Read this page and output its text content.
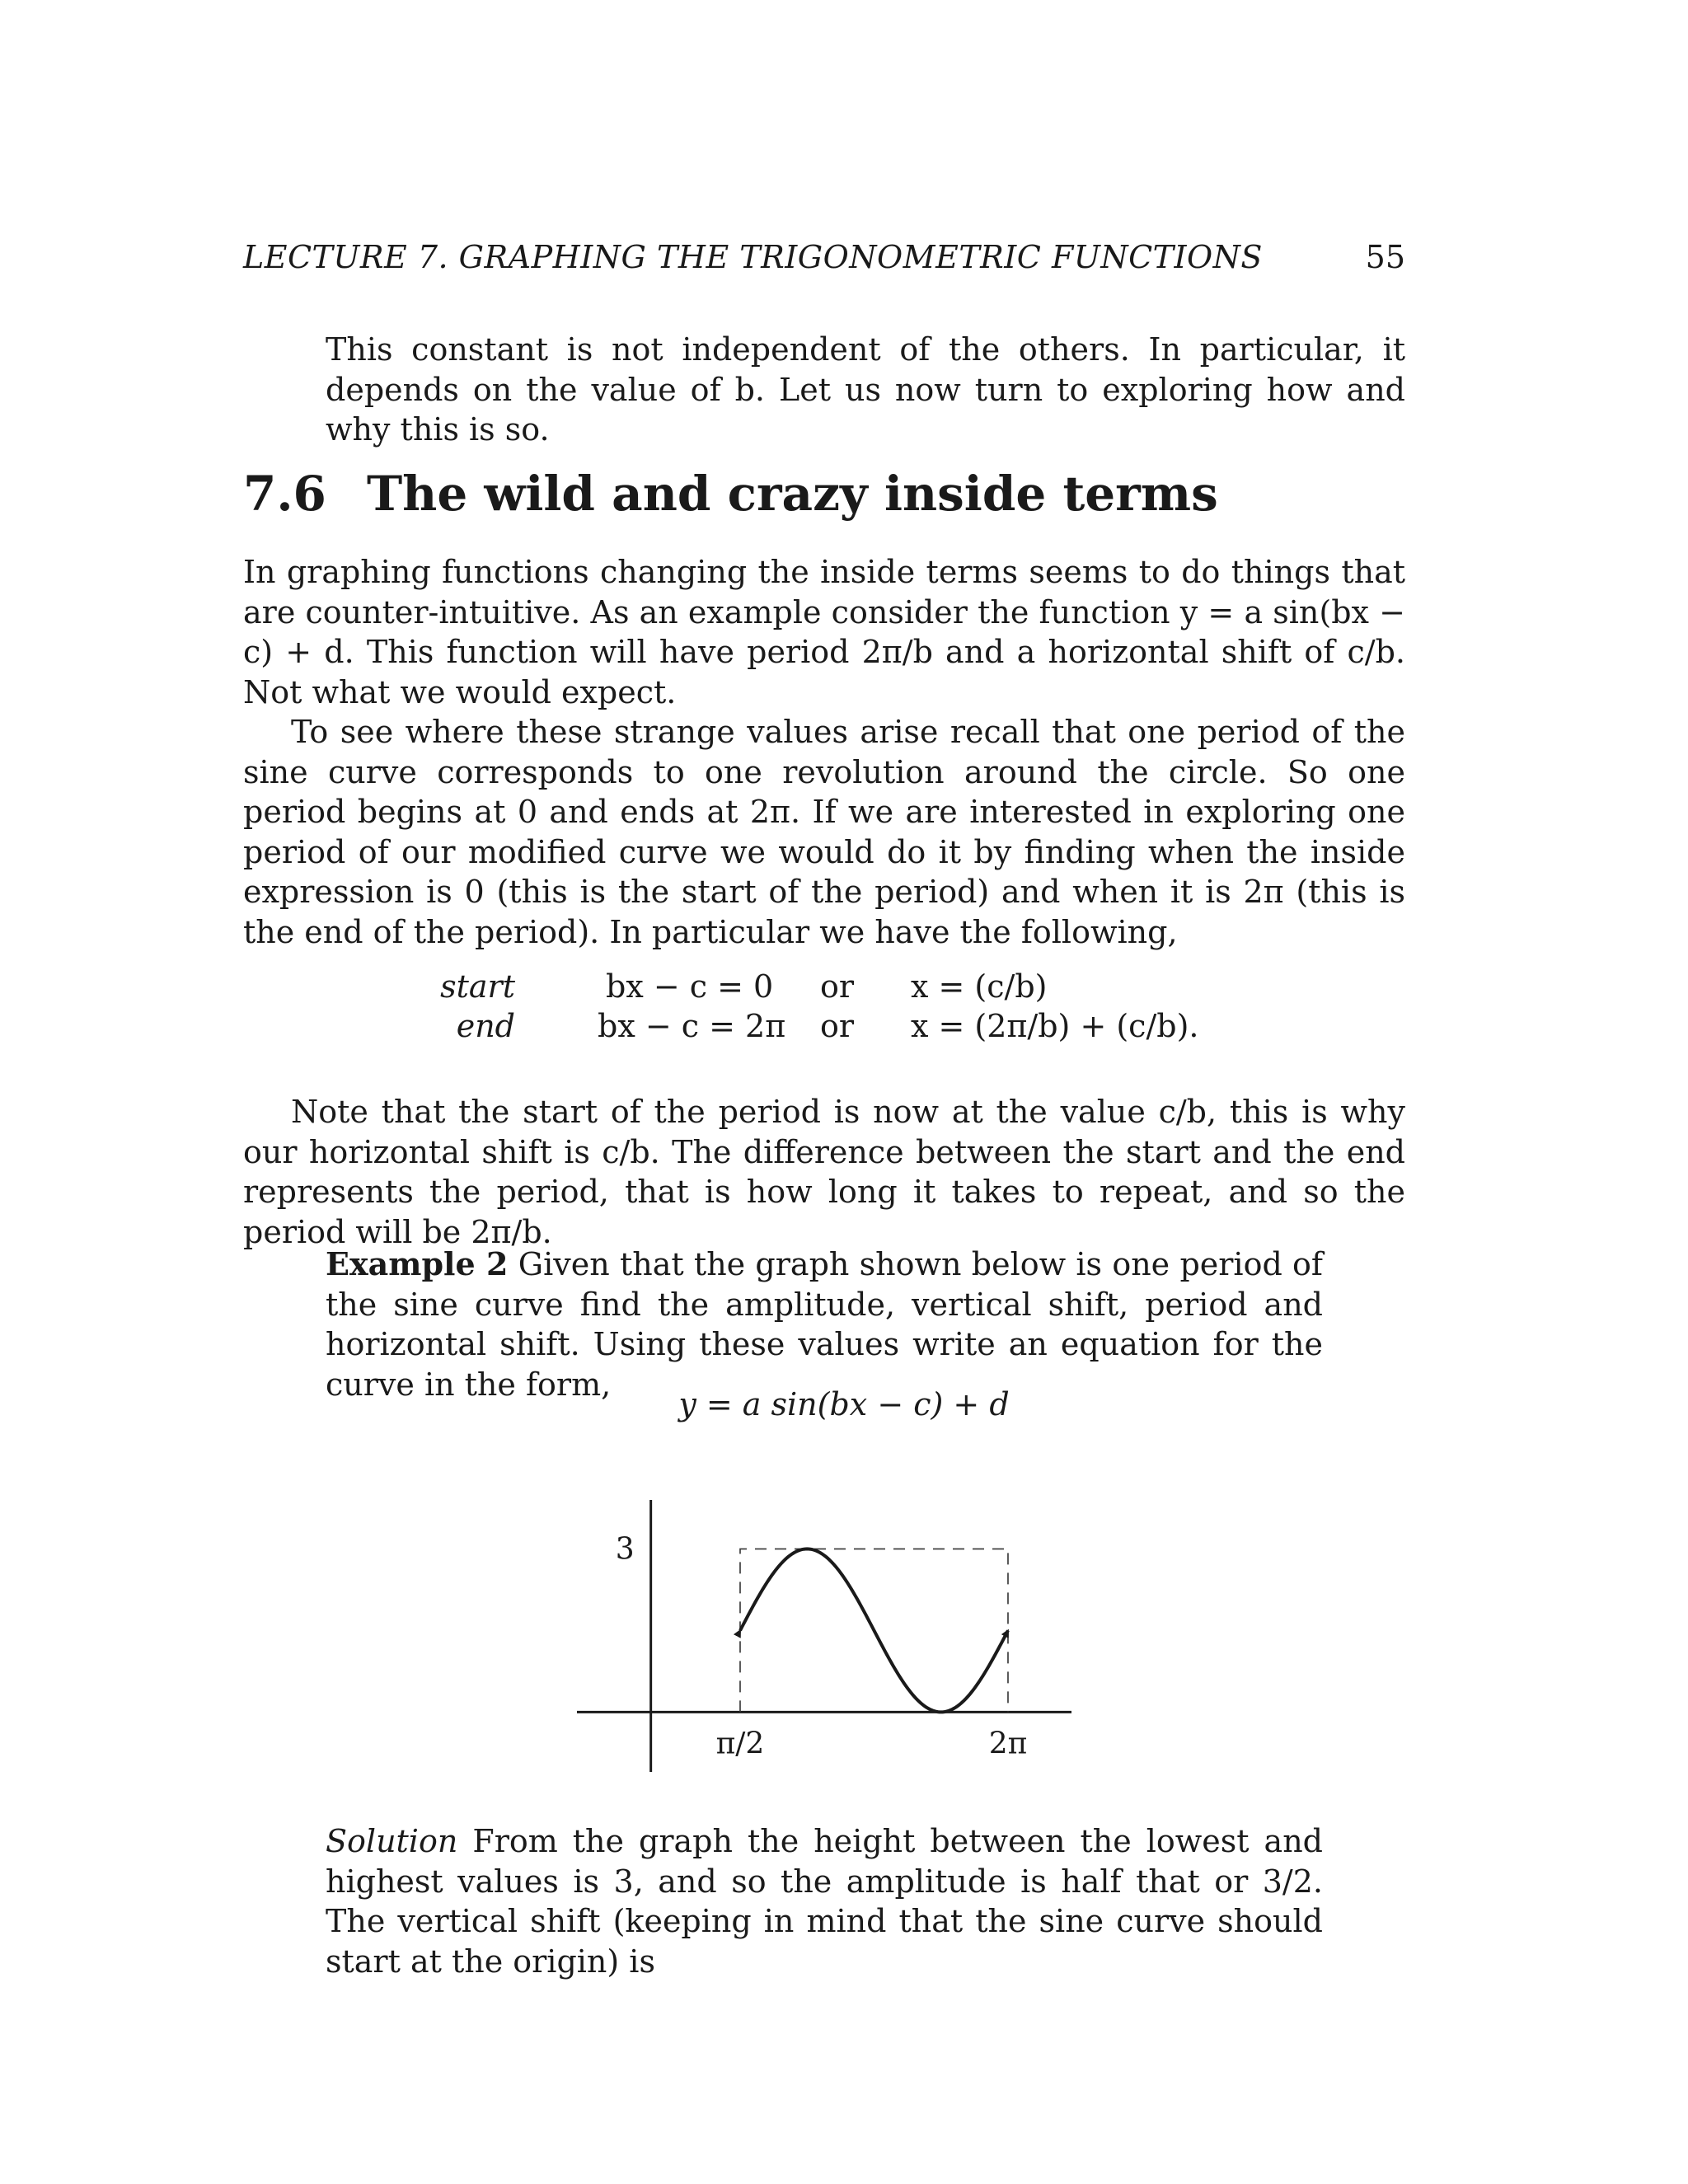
LECTURE 7. GRAPHING THE TRIGONOMETRIC FUNCTIONS	55

This constant is not independent of the others. In particular, it depends on the value of b. Let us now turn to exploring how and why this is so.

7.6 The wild and crazy inside terms

In graphing functions changing the inside terms seems to do things that are counter-intuitive. As an example consider the function y = a sin(bx − c) + d. This function will have period 2π/b and a horizontal shift of c/b. Not what we would expect.

To see where these strange values arise recall that one period of the sine curve corresponds to one revolution around the circle. So one period begins at 0 and ends at 2π. If we are interested in exploring one period of our modified curve we would do it by finding when the inside expression is 0 (this is the start of the period) and when it is 2π (this is the end of the period). In particular we have the following,

start	bx − c = 0	or x = (c/b)
end	bx − c = 2π or x = (2π/b) + (c/b).

Note that the start of the period is now at the value c/b, this is why our horizontal shift is c/b. The difference between the start and the end represents the period, that is how long it takes to repeat, and so the period will be 2π/b.

Example 2 Given that the graph shown below is one period of the sine curve find the amplitude, vertical shift, period and horizontal shift. Using these values write an equation for the curve in the form,

y = a sin(bx − c) + d
π/2	2π
3

Solution From the graph the height between the lowest and highest values is 3, and so the amplitude is half that or 3/2. The vertical shift (keeping in mind that the sine curve should start at the origin) is
